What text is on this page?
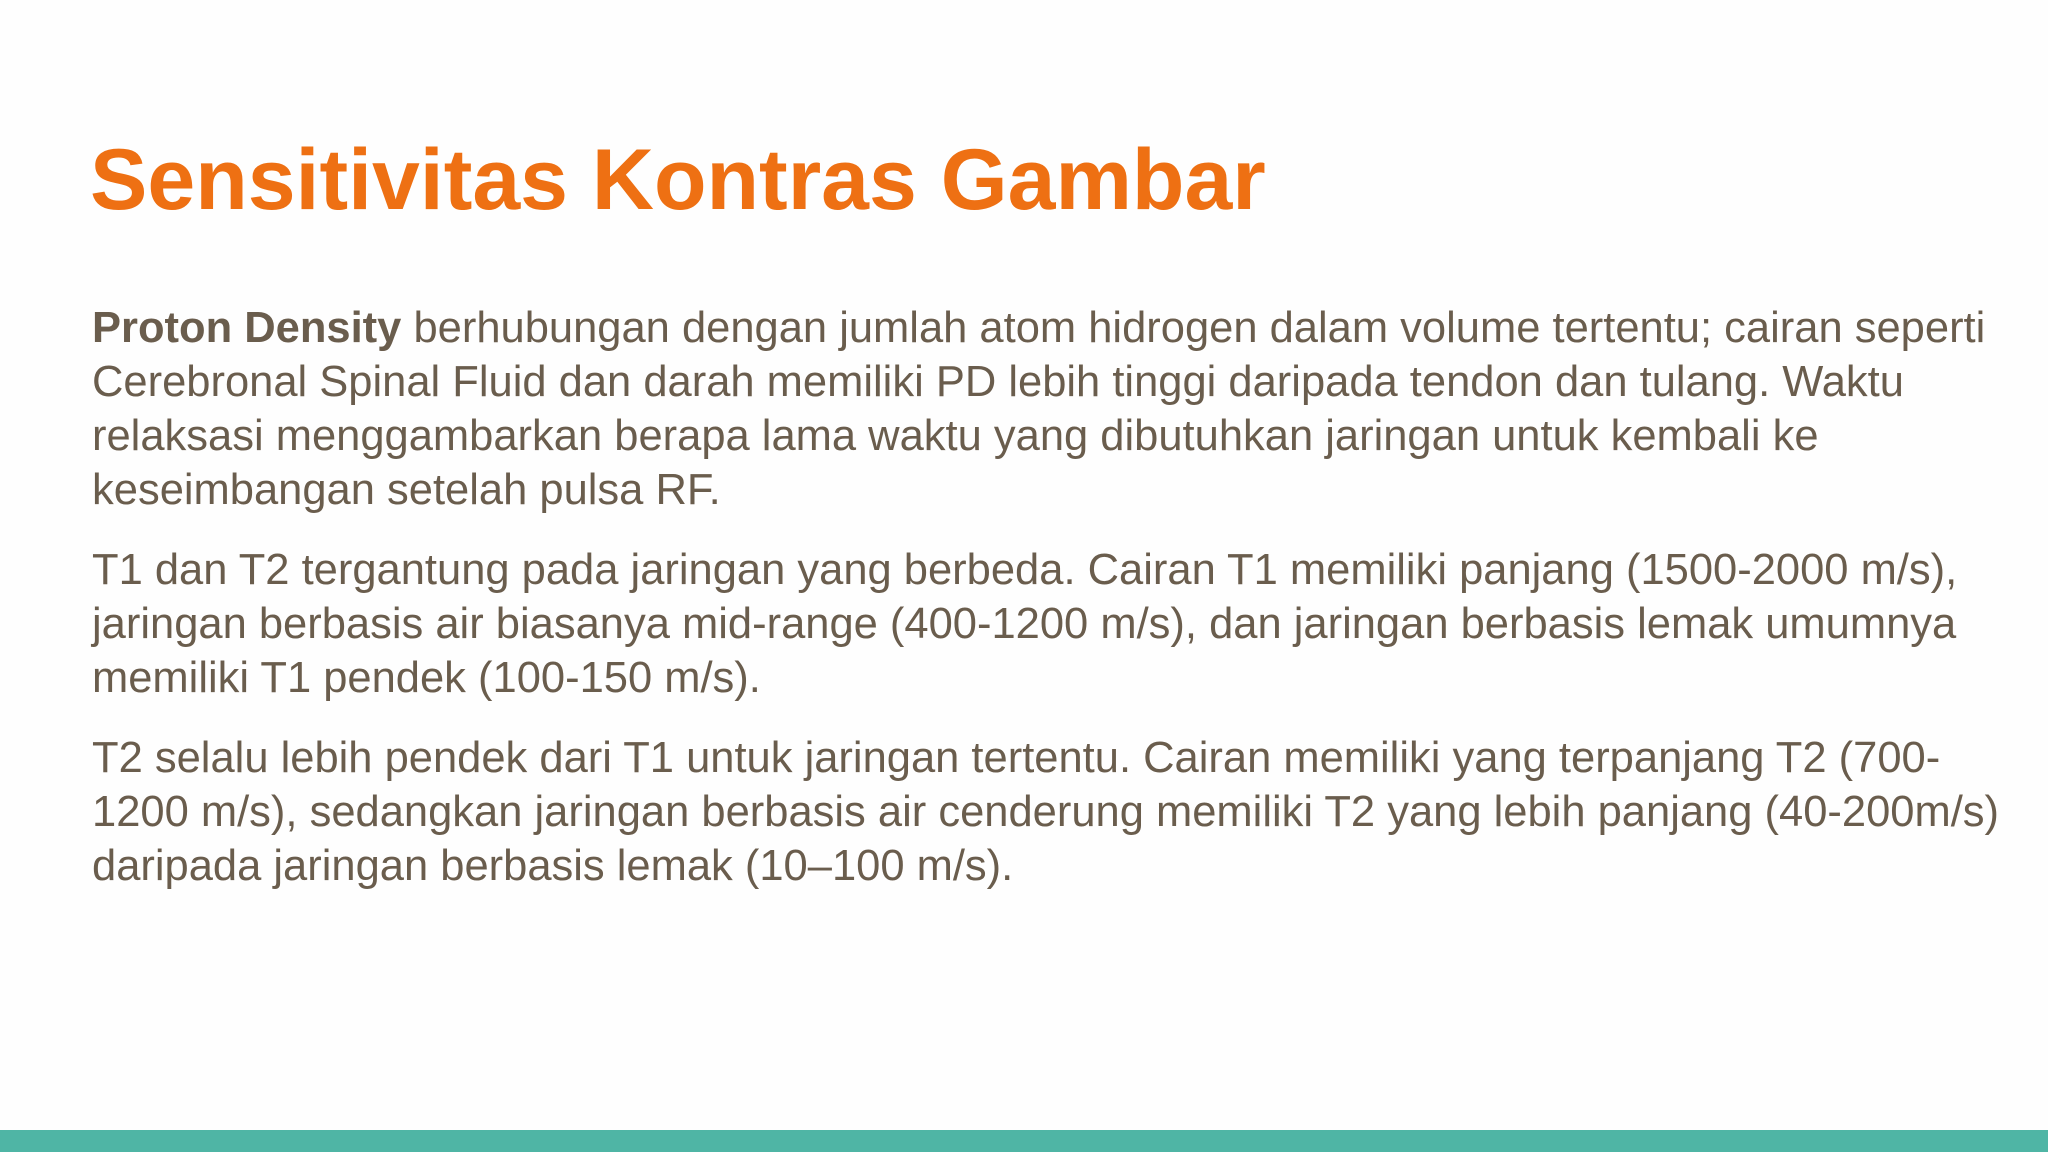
Sensitivitas Kontras Gambar

Proton Density berhubungan dengan jumlah atom hidrogen dalam volume tertentu; cairan seperti Cerebronal Spinal Fluid dan darah memiliki PD lebih tinggi daripada tendon dan tulang. Waktu relaksasi menggambarkan berapa lama waktu yang dibutuhkan jaringan untuk kembali ke keseimbangan setelah pulsa RF.

T1 dan T2 tergantung pada jaringan yang berbeda. Cairan T1 memiliki panjang (1500-2000 m/s), jaringan berbasis air biasanya mid-range (400-1200 m/s), dan jaringan berbasis lemak umumnya memiliki T1 pendek (100-150 m/s).

T2 selalu lebih pendek dari T1 untuk jaringan tertentu. Cairan memiliki yang terpanjang T2 (700-1200 m/s), sedangkan jaringan berbasis air cenderung memiliki T2 yang lebih panjang (40-200m/s) daripada jaringan berbasis lemak (10–100 m/s).
